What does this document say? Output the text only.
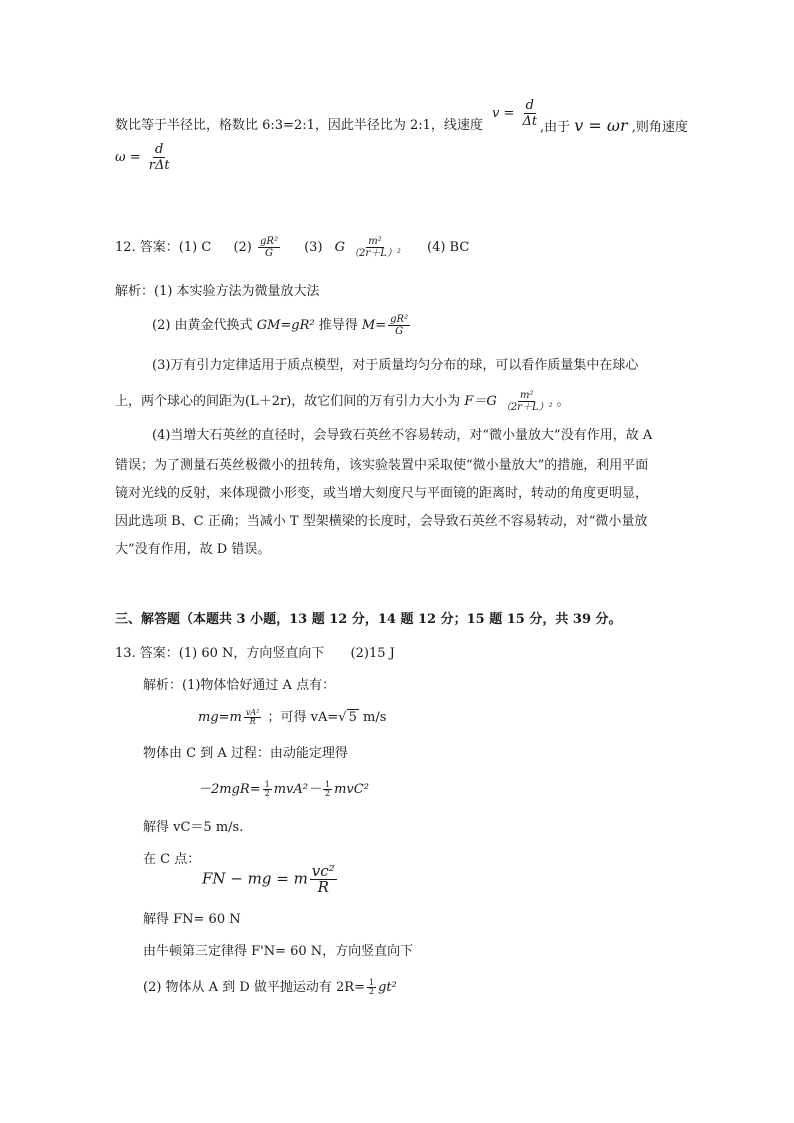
数比等于半径比，格数比 6:3=2:1，因此半径比为 2:1，线速度
$v = \frac{d}{\Delta t}$ ,由于 v = ωr ,则角速度
$\omega = \frac{d}{\text{rΔt}}$
12. 答案：(1) C $(2) \frac{\text{gR²}}{G} (3)$ G $\frac{\text{m²}}{\text{（2r＋L）²}} (4)$ BC
解析：(1) 本实验方法为微量放大法
(2) 由黄金代换式 GM=gR² 推导得 $M= \frac{\text{gR²}}{G}$
(3)万有引力定律适用于质点模型，对于质量均匀分布的球，可以看作质量集中在球心
上，两个球心的间距为(L＋2r)，故它们间的万有引力大小为 $F=G \frac{\text{m²}}{\text{（2r＋L）²}}$ 。
(4)当增大石英丝的直径时，会导致石英丝不容易转动，对“微小量放大”没有作用，故 A
错误；为了测量石英丝极微小的扭转角，该实验装置中采取使“微小量放大”的措施，利用平面
镜对光线的反射，来体现微小形变，或当增大刻度尺与平面镜的距离时，转动的角度更明显，
因此选项 B、C 正确；当减小 T 型架横梁的长度时，会导致石英丝不容易转动，对“微小量放
大”没有作用，故 D 错误。
三、解答题（本题共 3 小题，13 题 12 分，14 题 12 分；15 题 15 分，共 39 分。
13. 答案：(1) 60 N，方向竖直向下 (2)15 J
解析：(1)物体恰好通过 A 点有：
$mg=m \frac{\text{vA²}}{R}$ ；可得 vA=√ 5 m/s
物体由 C 到 A 过程：由动能定理得
$-2mgR= \frac{1}{2} mvA^2- \frac{1}{2} mvC^2$
解得 vC＝5 m/s.
在 C 点：
FN − mg = m $\frac{\text{vc²}}{R}$
解得 FN= 60 N
由牛顿第三定律得 F'N= 60 N，方向竖直向下
(2) 物体从 A 到 D 做平抛运动有 $2R= \frac{1}{2} gt^2$
